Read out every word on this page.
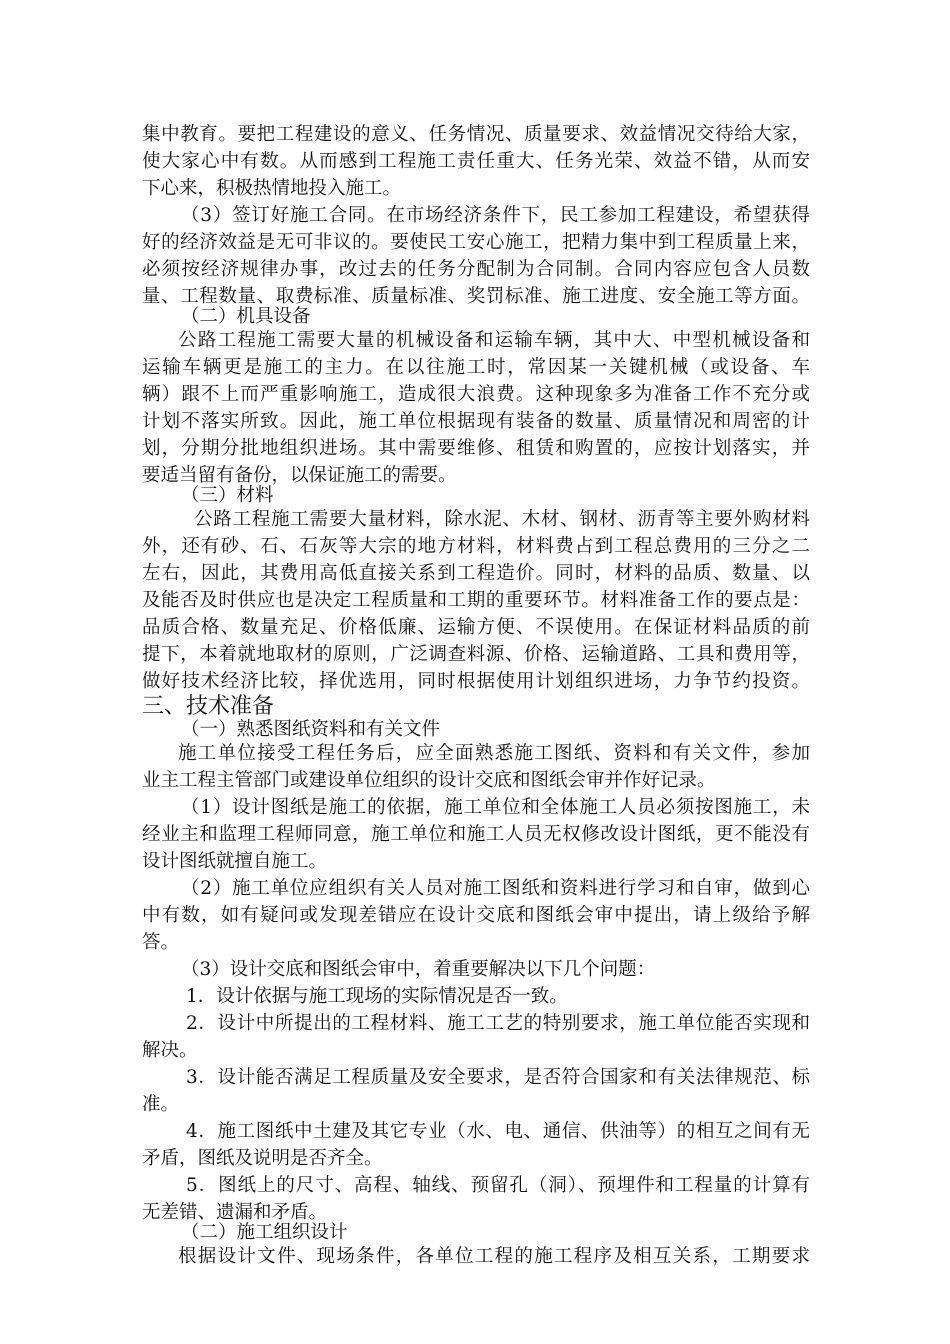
集中教育。要把工程建设的意义、任务情况、质量要求、效益情况交待给大家，

使大家心中有数。从而感到工程施工责任重大、任务光荣、效益不错，从而安

下心来，积极热情地投入施工。

（3）签订好施工合同。在市场经济条件下，民工参加工程建设，希望获得

好的经济效益是无可非议的。要使民工安心施工，把精力集中到工程质量上来，

必须按经济规律办事，改过去的任务分配制为合同制。合同内容应包含人员数

量、工程数量、取费标准、质量标准、奖罚标准、施工进度、安全施工等方面。

（二）机具设备

公路工程施工需要大量的机械设备和运输车辆，其中大、中型机械设备和

运输车辆更是施工的主力。在以往施工时，常因某一关键机械（或设备、车

辆）跟不上而严重影响施工，造成很大浪费。这种现象多为准备工作不充分或

计划不落实所致。因此，施工单位根据现有装备的数量、质量情况和周密的计

划，分期分批地组织进场。其中需要维修、租赁和购置的，应按计划落实，并

要适当留有备份，以保证施工的需要。

（三）材料

公路工程施工需要大量材料，除水泥、木材、钢材、沥青等主要外购材料

外，还有砂、石、石灰等大宗的地方材料，材料费占到工程总费用的三分之二

左右，因此，其费用高低直接关系到工程造价。同时，材料的品质、数量、以

及能否及时供应也是决定工程质量和工期的重要环节。材料准备工作的要点是：

品质合格、数量充足、价格低廉、运输方便、不误使用。在保证材料品质的前

提下，本着就地取材的原则，广泛调查料源、价格、运输道路、工具和费用等，

做好技术经济比较，择优选用，同时根据使用计划组织进场，力争节约投资。

三、技术准备

（一）熟悉图纸资料和有关文件

施工单位接受工程任务后，应全面熟悉施工图纸、资料和有关文件，参加

业主工程主管部门或建设单位组织的设计交底和图纸会审并作好记录。

（1）设计图纸是施工的依据，施工单位和全体施工人员必须按图施工，未

经业主和监理工程师同意，施工单位和施工人员无权修改设计图纸，更不能没有

设计图纸就擅自施工。

（2）施工单位应组织有关人员对施工图纸和资料进行学习和自审，做到心

中有数，如有疑问或发现差错应在设计交底和图纸会审中提出，请上级给予解

答。

（3）设计交底和图纸会审中，着重要解决以下几个问题：

1．设计依据与施工现场的实际情况是否一致。

2．设计中所提出的工程材料、施工工艺的特别要求，施工单位能否实现和

解决。

3．设计能否满足工程质量及安全要求，是否符合国家和有关法律规范、标

准。

4．施工图纸中土建及其它专业（水、电、通信、供油等）的相互之间有无

矛盾，图纸及说明是否齐全。

5．图纸上的尺寸、高程、轴线、预留孔（洞）、预埋件和工程量的计算有

无差错、遗漏和矛盾。

（二）施工组织设计

根据设计文件、现场条件，各单位工程的施工程序及相互关系，工期要求
